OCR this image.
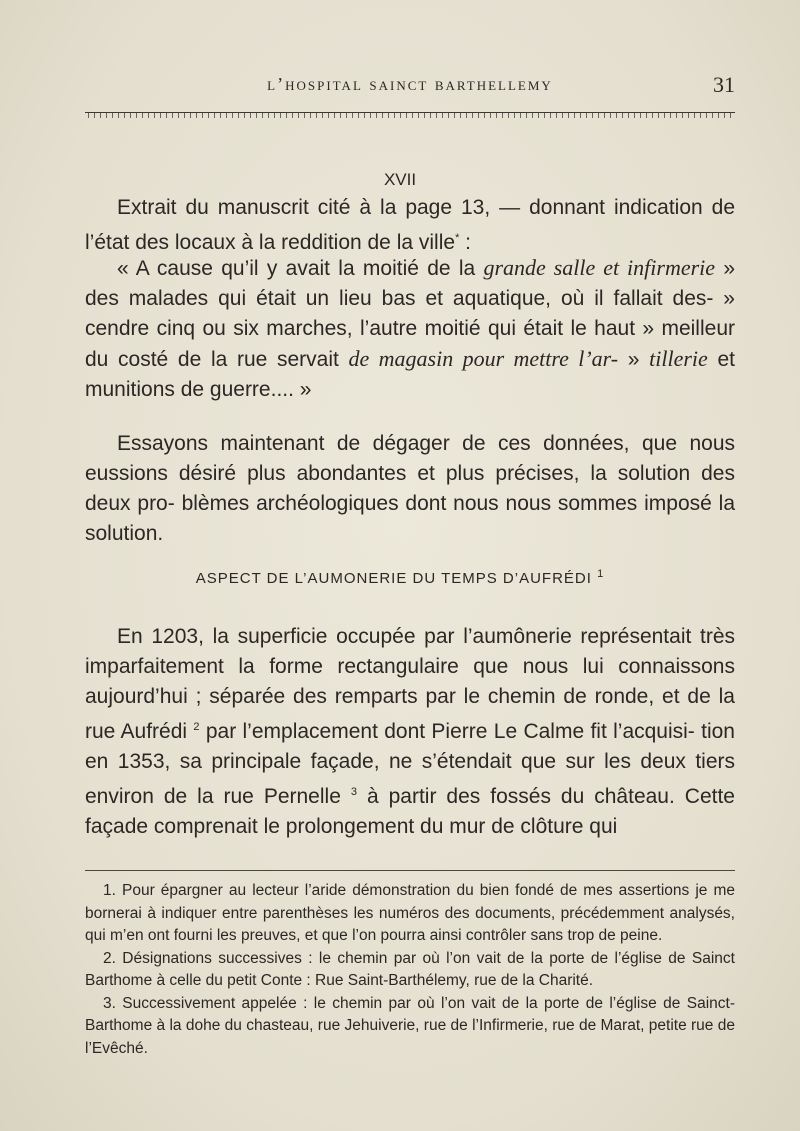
l’hospital sainct barthellemy	31
XVII

Extrait du manuscrit cité à la page 13, — donnant indication de l’état des locaux à la reddition de la ville* :

« A cause qu’il y avait la moitié de la grande salle et infirmerie » des malades qui était un lieu bas et aquatique, où il fallait des- » cendre cinq ou six marches, l’autre moitié qui était le haut » meilleur du costé de la rue servait de magasin pour mettre l’ar- » tillerie et munitions de guerre.... »

Essayons maintenant de dégager de ces données, que nous eussions désiré plus abondantes et plus précises, la solution des deux pro- blèmes archéologiques dont nous nous sommes imposé la solution.

ASPECT DE L’AUMONERIE DU TEMPS D’AUFRÉDI $^1$

En 1203, la superficie occupée par l’aumônerie représentait très imparfaitement la forme rectangulaire que nous lui connaissons aujourd’hui ; séparée des remparts par le chemin de ronde, et de la rue Aufrédi $^2$ par l’emplacement dont Pierre Le Calme fit l’acquisi- tion en 1353, sa principale façade, ne s’étendait que sur les deux tiers environ de la rue Pernelle $^3$ à partir des fossés du château. Cette façade comprenait le prolongement du mur de clôture qui

1. Pour épargner au lecteur l’aride démonstration du bien fondé de mes assertions je me bornerai à indiquer entre parenthèses les numéros des documents, précédemment analysés, qui m’en ont fourni les preuves, et que l’on pourra ainsi contrôler sans trop de peine.

2. Désignations successives : le chemin par où l’on vait de la porte de l’église de Sainct Barthome à celle du petit Conte : Rue Saint-Barthélemy, rue de la Charité.

3. Successivement appelée : le chemin par où l’on vait de la porte de l’église de Sainct-Barthome à la dohe du chasteau, rue Jehuiverie, rue de l’Infirmerie, rue de Marat, petite rue de l’Evêché.
